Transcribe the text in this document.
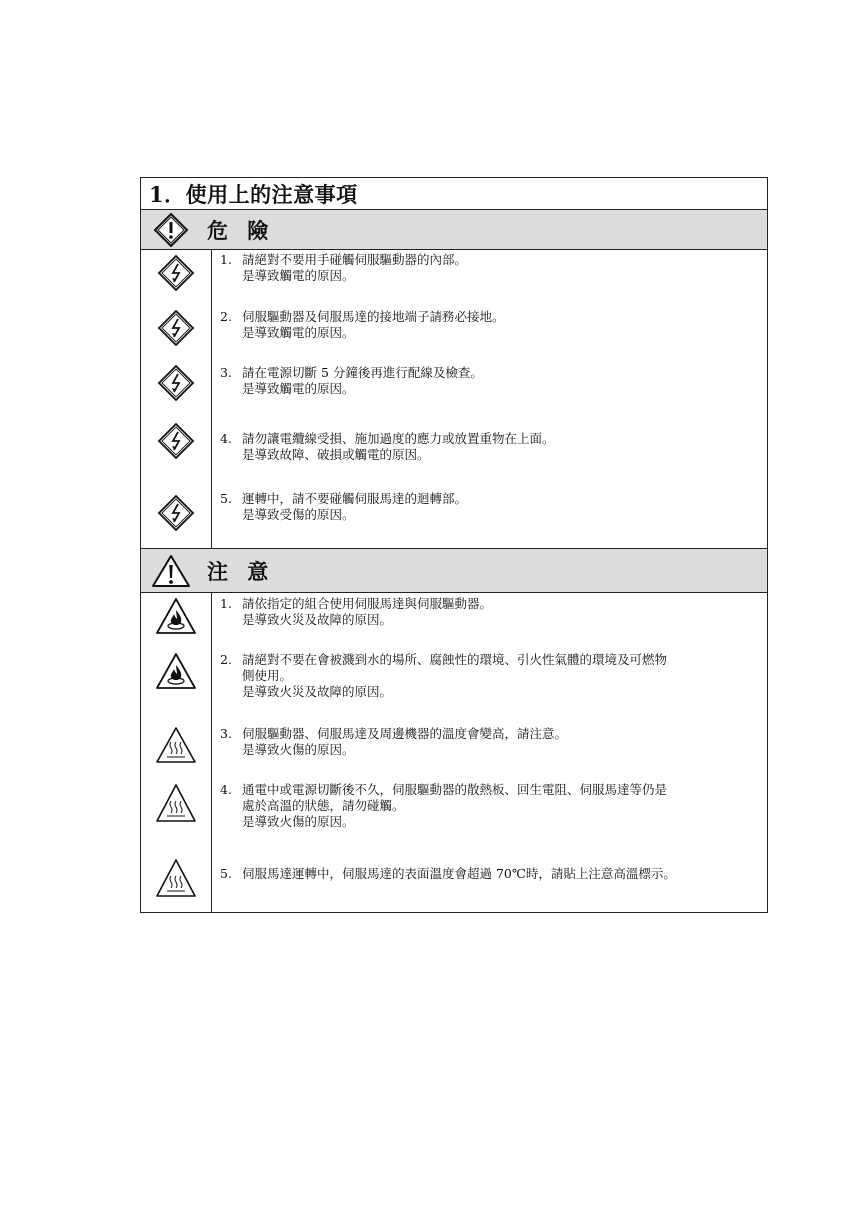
1．使用上的注意事項
危 險
1. 請絕對不要用手碰觸伺服驅動器的內部。
是導致觸電的原因。
2. 伺服驅動器及伺服馬達的接地端子請務必接地。
是導致觸電的原因。
3. 請在電源切斷 5 分鐘後再進行配線及檢查。
是導致觸電的原因。
4. 請勿讓電纜線受損、施加過度的應力或放置重物在上面。
是導致故障、破損或觸電的原因。
5. 運轉中，請不要碰觸伺服馬達的迴轉部。
是導致受傷的原因。
注 意
1. 請依指定的組合使用伺服馬達與伺服驅動器。
是導致火災及故障的原因。
2. 請絕對不要在會被濺到水的場所、腐蝕性的環境、引火性氣體的環境及可燃物
側使用。
是導致火災及故障的原因。
3. 伺服驅動器、伺服馬達及周邊機器的溫度會變高，請注意。
是導致火傷的原因。
4. 通電中或電源切斷後不久，伺服驅動器的散熱板、回生電阻、伺服馬達等仍是
處於高溫的狀態，請勿碰觸。
是導致火傷的原因。
5. 伺服馬達運轉中，伺服馬達的表面溫度會超過 70℃時，請貼上注意高溫標示。
